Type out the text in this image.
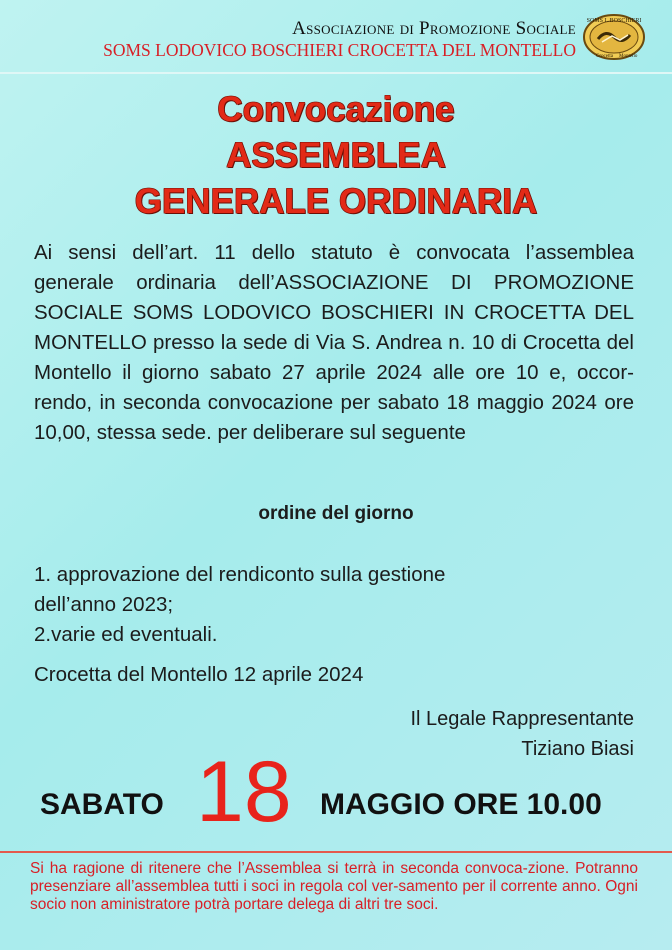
Associazione di Promozione Sociale
SOMS LODOVICO BOSCHIERI CROCETTA DEL MONTELLO
SOMS L.BOSCHIERI
Crocetta Montello
Convocazione
ASSEMBLEA
GENERALE ORDINARIA
Ai sensi dell’art. 11 dello statuto è convocata l’assemblea generale ordinaria dell’ASSOCIAZIONE DI PROMOZIONE SOCIALE SOMS LODOVICO BOSCHIERI IN CROCETTA DEL MONTELLO presso la sede di Via S. Andrea n. 10 di Crocetta del Montello il giorno sabato 27 aprile 2024 alle ore 10 e, occor-rendo, in seconda convocazione per sabato 18 maggio 2024 ore 10,00, stessa sede. per deliberare sul seguente
ordine del giorno
1. approvazione del rendiconto sulla gestione
dell’anno 2023;
2.varie ed eventuali.
Crocetta del Montello 12 aprile 2024
Il Legale Rappresentante
Tiziano Biasi
SABATO 18 MAGGIO ORE 10.00
Si ha ragione di ritenere che l’Assemblea si terrà in seconda convoca-zione. Potranno presenziare all’assemblea tutti i soci in regola col ver-samento per il corrente anno. Ogni socio non aministratore potrà portare delega di altri tre soci.
